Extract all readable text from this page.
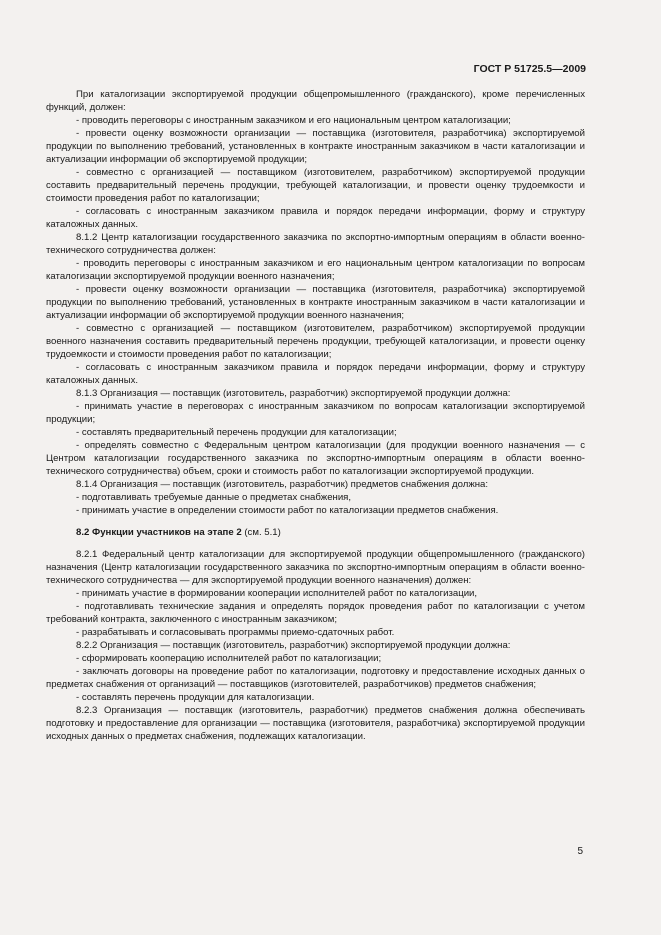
ГОСТ Р 51725.5—2009

При каталогизации экспортируемой продукции общепромышленного (гражданского), кроме перечисленных функций, должен:

- проводить переговоры с иностранным заказчиком и его национальным центром каталогизации;

- провести оценку возможности организации — поставщика (изготовителя, разработчика) экспортируемой продукции по выполнению требований, установленных в контракте иностранным заказчиком в части каталогизации и актуализации информации об экспортируемой продукции;

- совместно с организацией — поставщиком (изготовителем, разработчиком) экспортируемой продукции составить предварительный перечень продукции, требующей каталогизации, и провести оценку трудоемкости и стоимости проведения работ по каталогизации;

- согласовать с иностранным заказчиком правила и порядок передачи информации, форму и структуру каталожных данных.

8.1.2 Центр каталогизации государственного заказчика по экспортно-импортным операциям в области военно-технического сотрудничества должен:

- проводить переговоры с иностранным заказчиком и его национальным центром каталогизации по вопросам каталогизации экспортируемой продукции военного назначения;

- провести оценку возможности организации — поставщика (изготовителя, разработчика) экспортируемой продукции по выполнению требований, установленных в контракте иностранным заказчиком в части каталогизации и актуализации информации об экспортируемой продукции военного назначения;

- совместно с организацией — поставщиком (изготовителем, разработчиком) экспортируемой продукции военного назначения составить предварительный перечень продукции, требующей каталогизации, и провести оценку трудоемкости и стоимости проведения работ по каталогизации;

- согласовать с иностранным заказчиком правила и порядок передачи информации, форму и структуру каталожных данных.

8.1.3 Организация — поставщик (изготовитель, разработчик) экспортируемой продукции должна:

- принимать участие в переговорах с иностранным заказчиком по вопросам каталогизации экспортируемой продукции;

- составлять предварительный перечень продукции для каталогизации;

- определять совместно с Федеральным центром каталогизации (для продукции военного назначения — с Центром каталогизации государственного заказчика по экспортно-импортным операциям в области военно-технического сотрудничества) объем, сроки и стоимость работ по каталогизации экспортируемой продукции.

8.1.4 Организация — поставщик (изготовитель, разработчик) предметов снабжения должна:

- подготавливать требуемые данные о предметах снабжения,

- принимать участие в определении стоимости работ по каталогизации предметов снабжения.

8.2 Функции участников на этапе 2 (см. 5.1)

8.2.1 Федеральный центр каталогизации для экспортируемой продукции общепромышленного (гражданского) назначения (Центр каталогизации государственного заказчика по экспортно-импортным операциям в области военно-технического сотрудничества — для экспортируемой продукции военного назначения) должен:

- принимать участие в формировании кооперации исполнителей работ по каталогизации,

- подготавливать технические задания и определять порядок проведения работ по каталогизации с учетом требований контракта, заключенного с иностранным заказчиком;

- разрабатывать и согласовывать программы приемо-сдаточных работ.

8.2.2 Организация — поставщик (изготовитель, разработчик) экспортируемой продукции должна:

- сформировать кооперацию исполнителей работ по каталогизации;

- заключать договоры на проведение работ по каталогизации, подготовку и предоставление исходных данных о предметах снабжения от организаций — поставщиков (изготовителей, разработчиков) предметов снабжения;

- составлять перечень продукции для каталогизации.

8.2.3 Организация — поставщик (изготовитель, разработчик) предметов снабжения должна обеспечивать подготовку и предоставление для организации — поставщика (изготовителя, разработчика) экспортируемой продукции исходных данных о предметах снабжения, подлежащих каталогизации.

5
